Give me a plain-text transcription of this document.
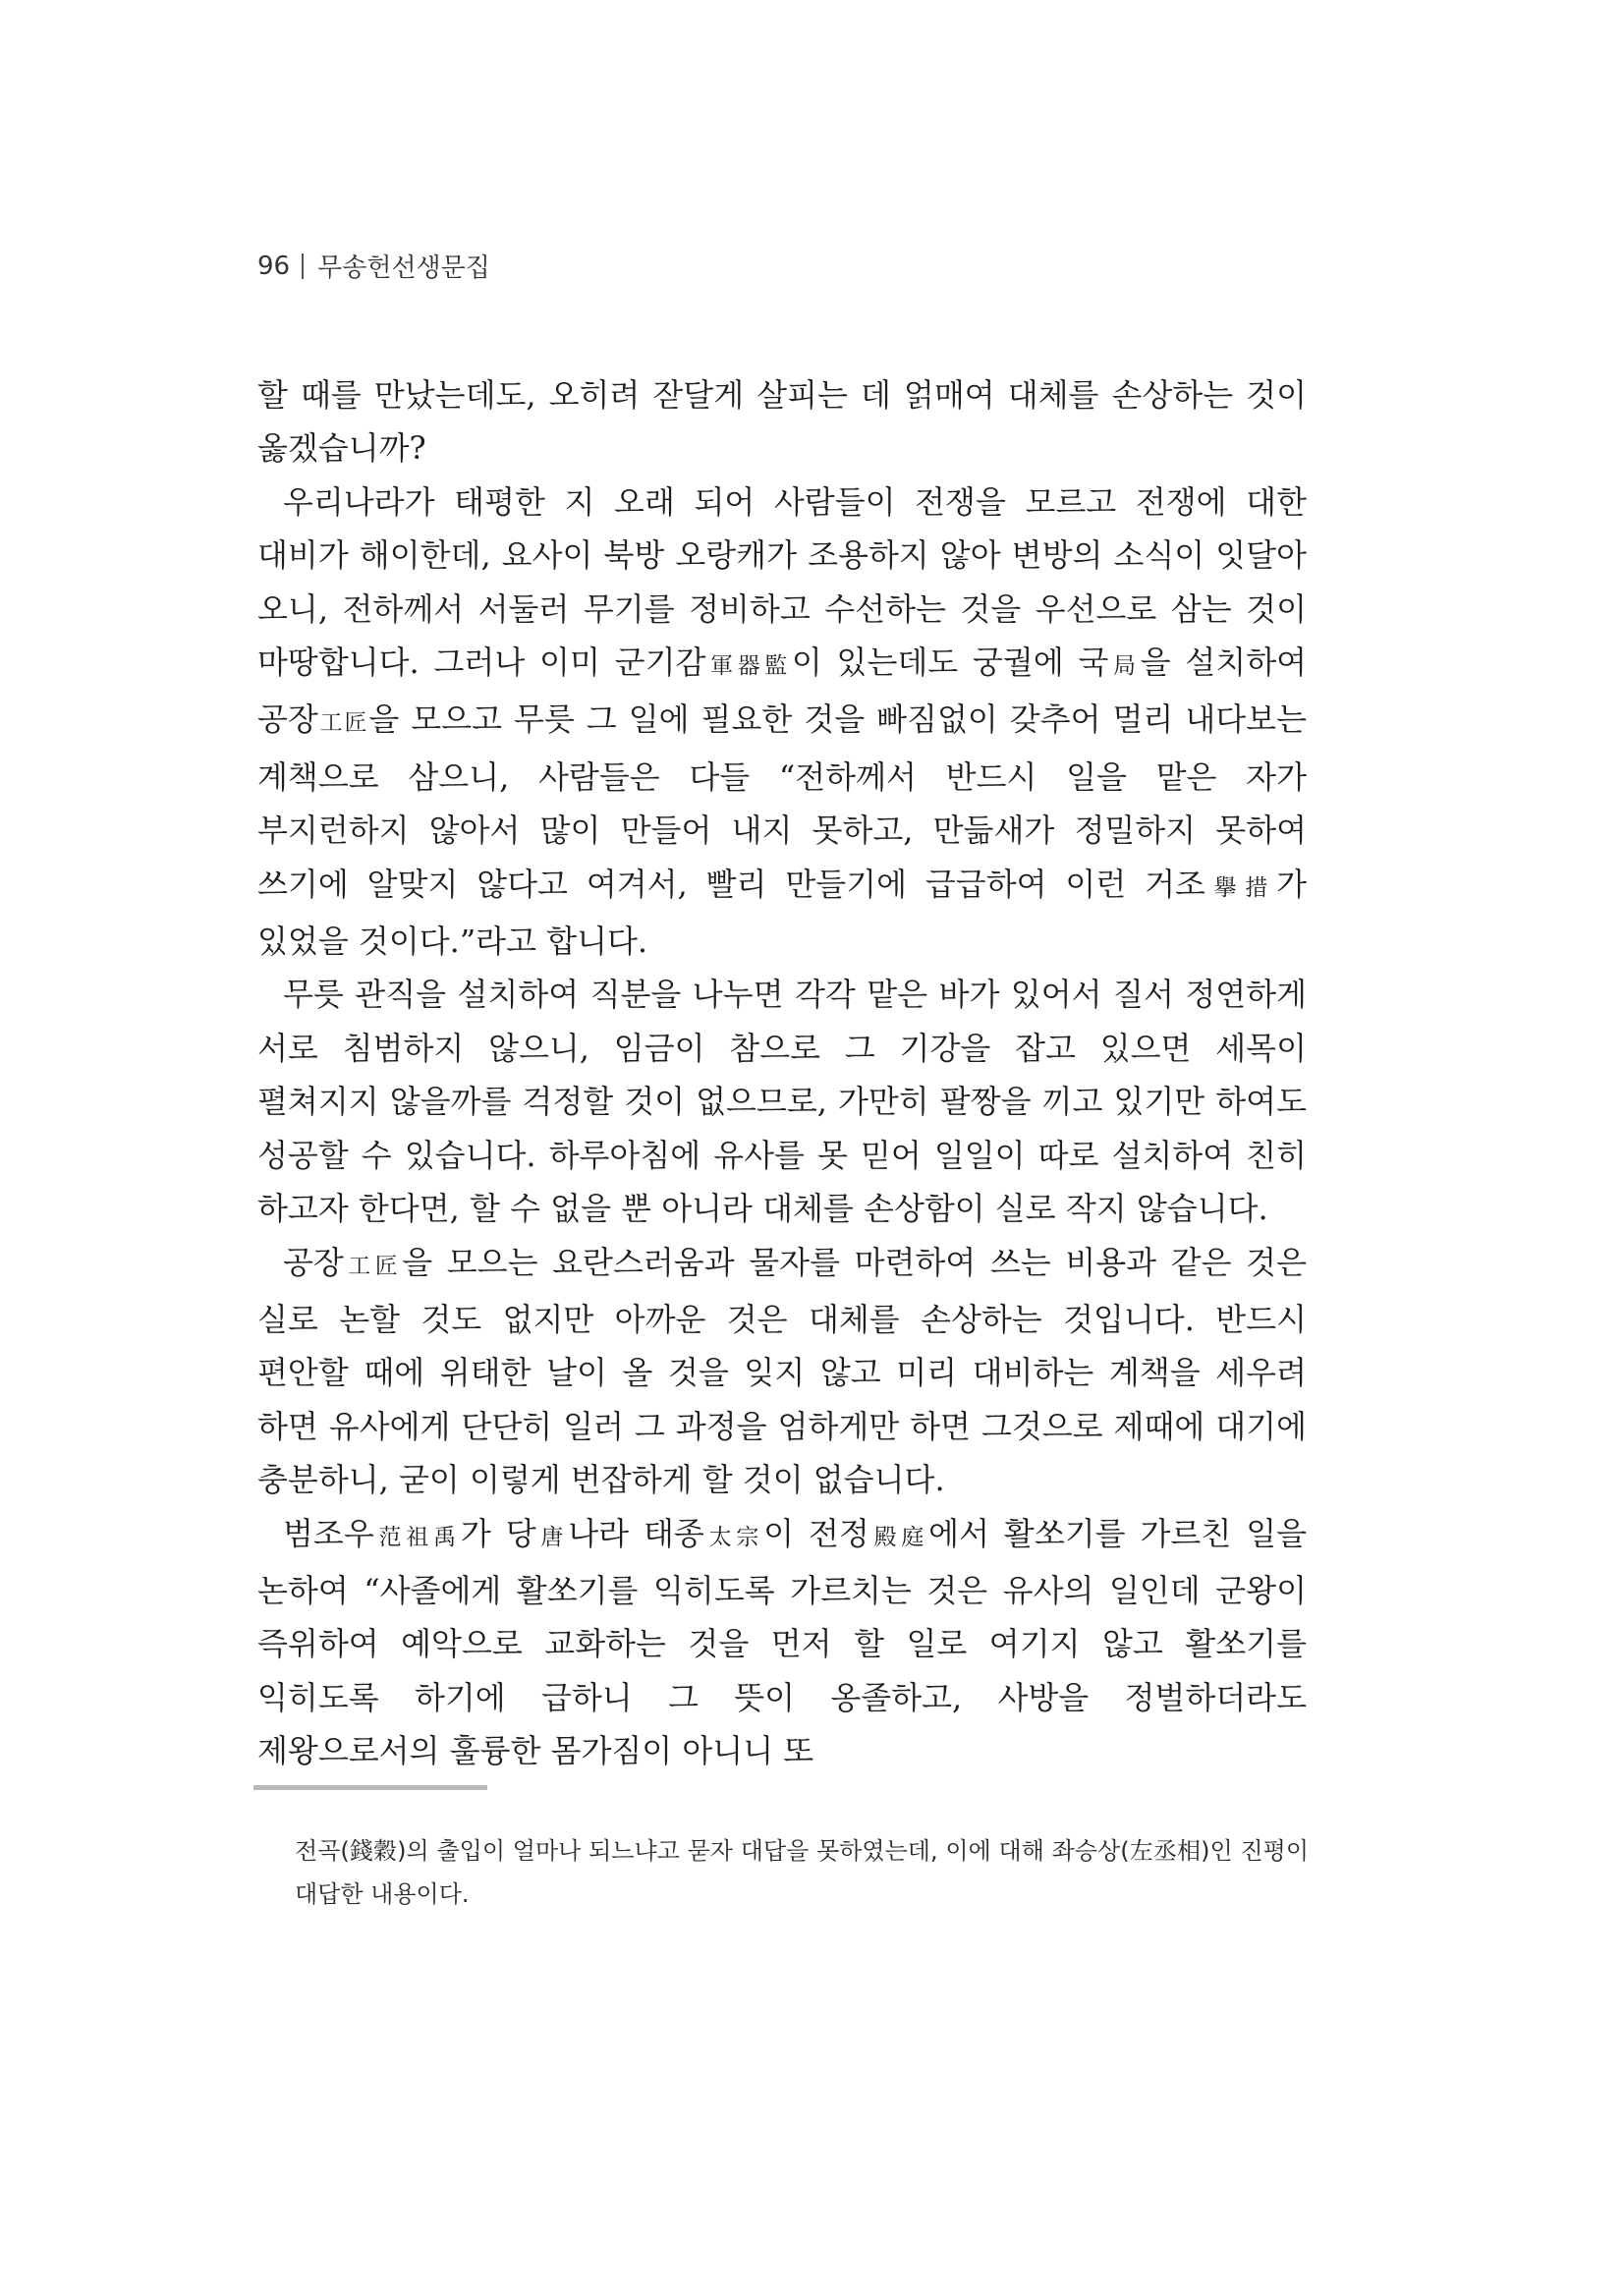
96 무송헌선생문집

할 때를 만났는데도, 오히려 잗달게 살피는 데 얽매여 대체를 손상하는 것이 옳겠습니까?

우리나라가 태평한 지 오래 되어 사람들이 전쟁을 모르고 전쟁에 대한 대비가 해이한데, 요사이 북방 오랑캐가 조용하지 않아 변방의 소식이 잇달아 오니, 전하께서 서둘러 무기를 정비하고 수선하는 것을 우선으로 삼는 것이 마땅합니다. 그러나 이미 군기감軍器監이 있는데도 궁궐에 국局을 설치하여 공장工匠을 모으고 무릇 그 일에 필요한 것을 빠짐없이 갖추어 멀리 내다보는 계책으로 삼으니, 사람들은 다들 “전하께서 반드시 일을 맡은 자가 부지런하지 않아서 많이 만들어 내지 못하고, 만듦새가 정밀하지 못하여 쓰기에 알맞지 않다고 여겨서, 빨리 만들기에 급급하여 이런 거조擧措가 있었을 것이다.”라고 합니다.

무릇 관직을 설치하여 직분을 나누면 각각 맡은 바가 있어서 질서 정연하게 서로 침범하지 않으니, 임금이 참으로 그 기강을 잡고 있으면 세목이 펼쳐지지 않을까를 걱정할 것이 없으므로, 가만히 팔짱을 끼고 있기만 하여도 성공할 수 있습니다. 하루아침에 유사를 못 믿어 일일이 따로 설치하여 친히 하고자 한다면, 할 수 없을 뿐 아니라 대체를 손상함이 실로 작지 않습니다.

공장工匠을 모으는 요란스러움과 물자를 마련하여 쓰는 비용과 같은 것은 실로 논할 것도 없지만 아까운 것은 대체를 손상하는 것입니다. 반드시 편안할 때에 위태한 날이 올 것을 잊지 않고 미리 대비하는 계책을 세우려 하면 유사에게 단단히 일러 그 과정을 엄하게만 하면 그것으로 제때에 대기에 충분하니, 굳이 이렇게 번잡하게 할 것이 없습니다.

범조우范祖禹가 당唐나라 태종太宗이 전정殿庭에서 활쏘기를 가르친 일을 논하여 “사졸에게 활쏘기를 익히도록 가르치는 것은 유사의 일인데 군왕이 즉위하여 예악으로 교화하는 것을 먼저 할 일로 여기지 않고 활쏘기를 익히도록 하기에 급하니 그 뜻이 옹졸하고, 사방을 정벌하더라도 제왕으로서의 훌륭한 몸가짐이 아니니 또

전곡(錢穀)의 출입이 얼마나 되느냐고 묻자 대답을 못하였는데, 이에 대해 좌승상(左丞相)인 진평이 대답한 내용이다.
